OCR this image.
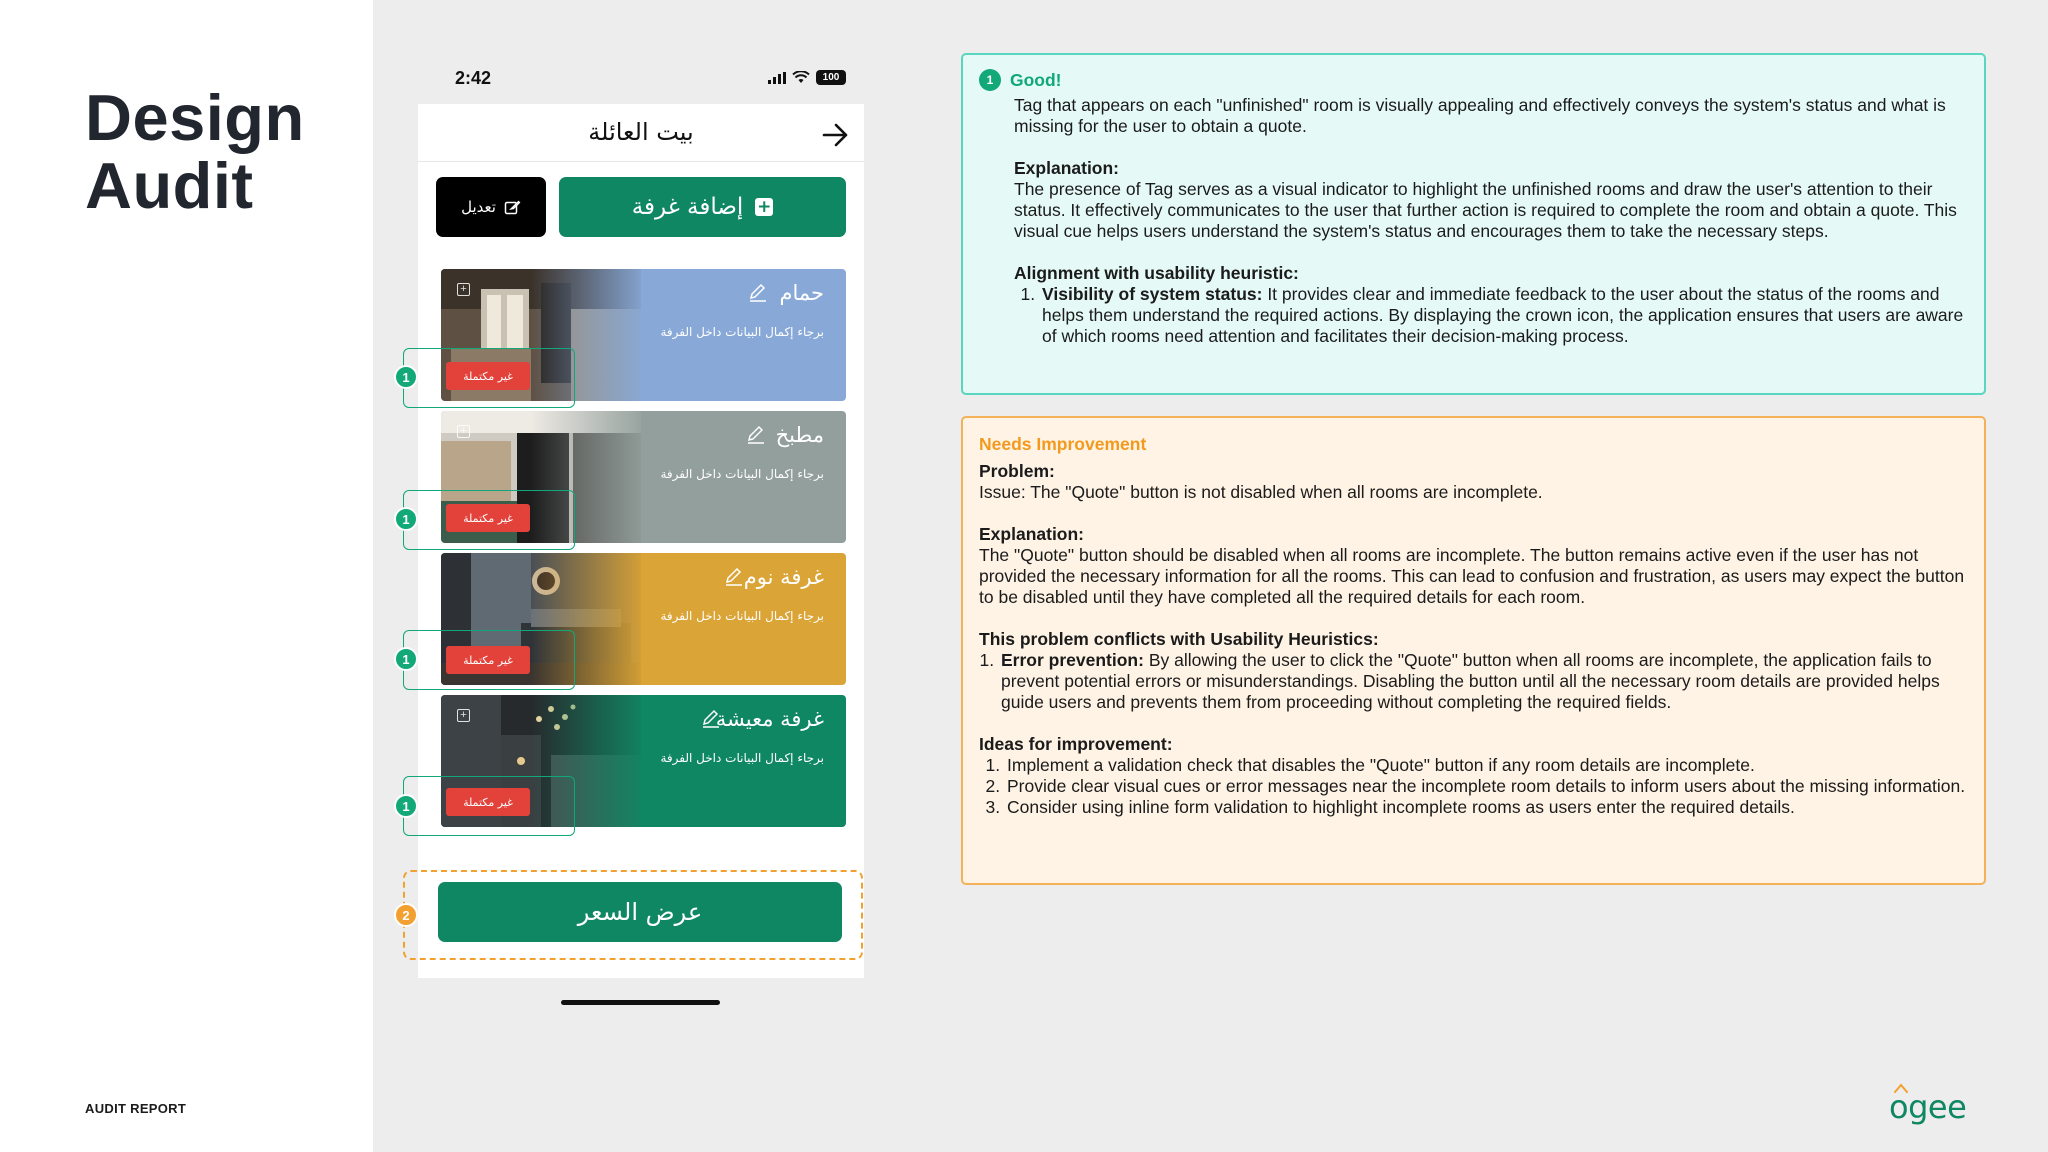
Design
Audit
AUDIT REPORT
2:42	100
بيت العائلة
إضافة غرفة +
تعديل
+	حمام
برجاء إكمال البيانات داخل الفرفة
غير مكتملة
+	مطبخ
برجاء إكمال البيانات داخل الفرفة
غير مكتملة
غرفة نوم
برجاء إكمال البيانات داخل الفرفة
غير مكتملة
+	غرفة معيشة
برجاء إكمال البيانات داخل الفرفة
غير مكتملة
1
1
1
1
2	عرض السعر
1 Good!

Tag that appears on each "unfinished" room is visually appealing and effectively conveys the system's status and what is missing for the user to obtain a quote.

Explanation:

The presence of Tag serves as a visual indicator to highlight the unfinished rooms and draw the user's attention to their status. It effectively communicates to the user that further action is required to complete the room and obtain a quote. This visual cue helps users understand the system's status and encourages them to take the necessary steps.

Alignment with usability heuristic:

1. Visibility of system status: It provides clear and immediate feedback to the user about the status of the rooms and helps them understand the required actions. By displaying the crown icon, the application ensures that users are aware of which rooms need attention and facilitates their decision-making process.
Needs Improvement

Problem:

Issue: The "Quote" button is not disabled when all rooms are incomplete.

Explanation:

The "Quote" button should be disabled when all rooms are incomplete. The button remains active even if the user has not provided the necessary information for all the rooms. This can lead to confusion and frustration, as users may expect the button to be disabled until they have completed all the required details for each room.

This problem conflicts with Usability Heuristics:

1. Error prevention: By allowing the user to click the "Quote" button when all rooms are incomplete, the application fails to prevent potential errors or misunderstandings. Disabling the button until all the necessary room details are provided helps guide users and prevents them from proceeding without completing the required fields.

Ideas for improvement:

1. Implement a validation check that disables the "Quote" button if any room details are incomplete.
2. Provide clear visual cues or error messages near the incomplete room details to inform users about the missing information.
3. Consider using inline form validation to highlight incomplete rooms as users enter the required details.
ogee
